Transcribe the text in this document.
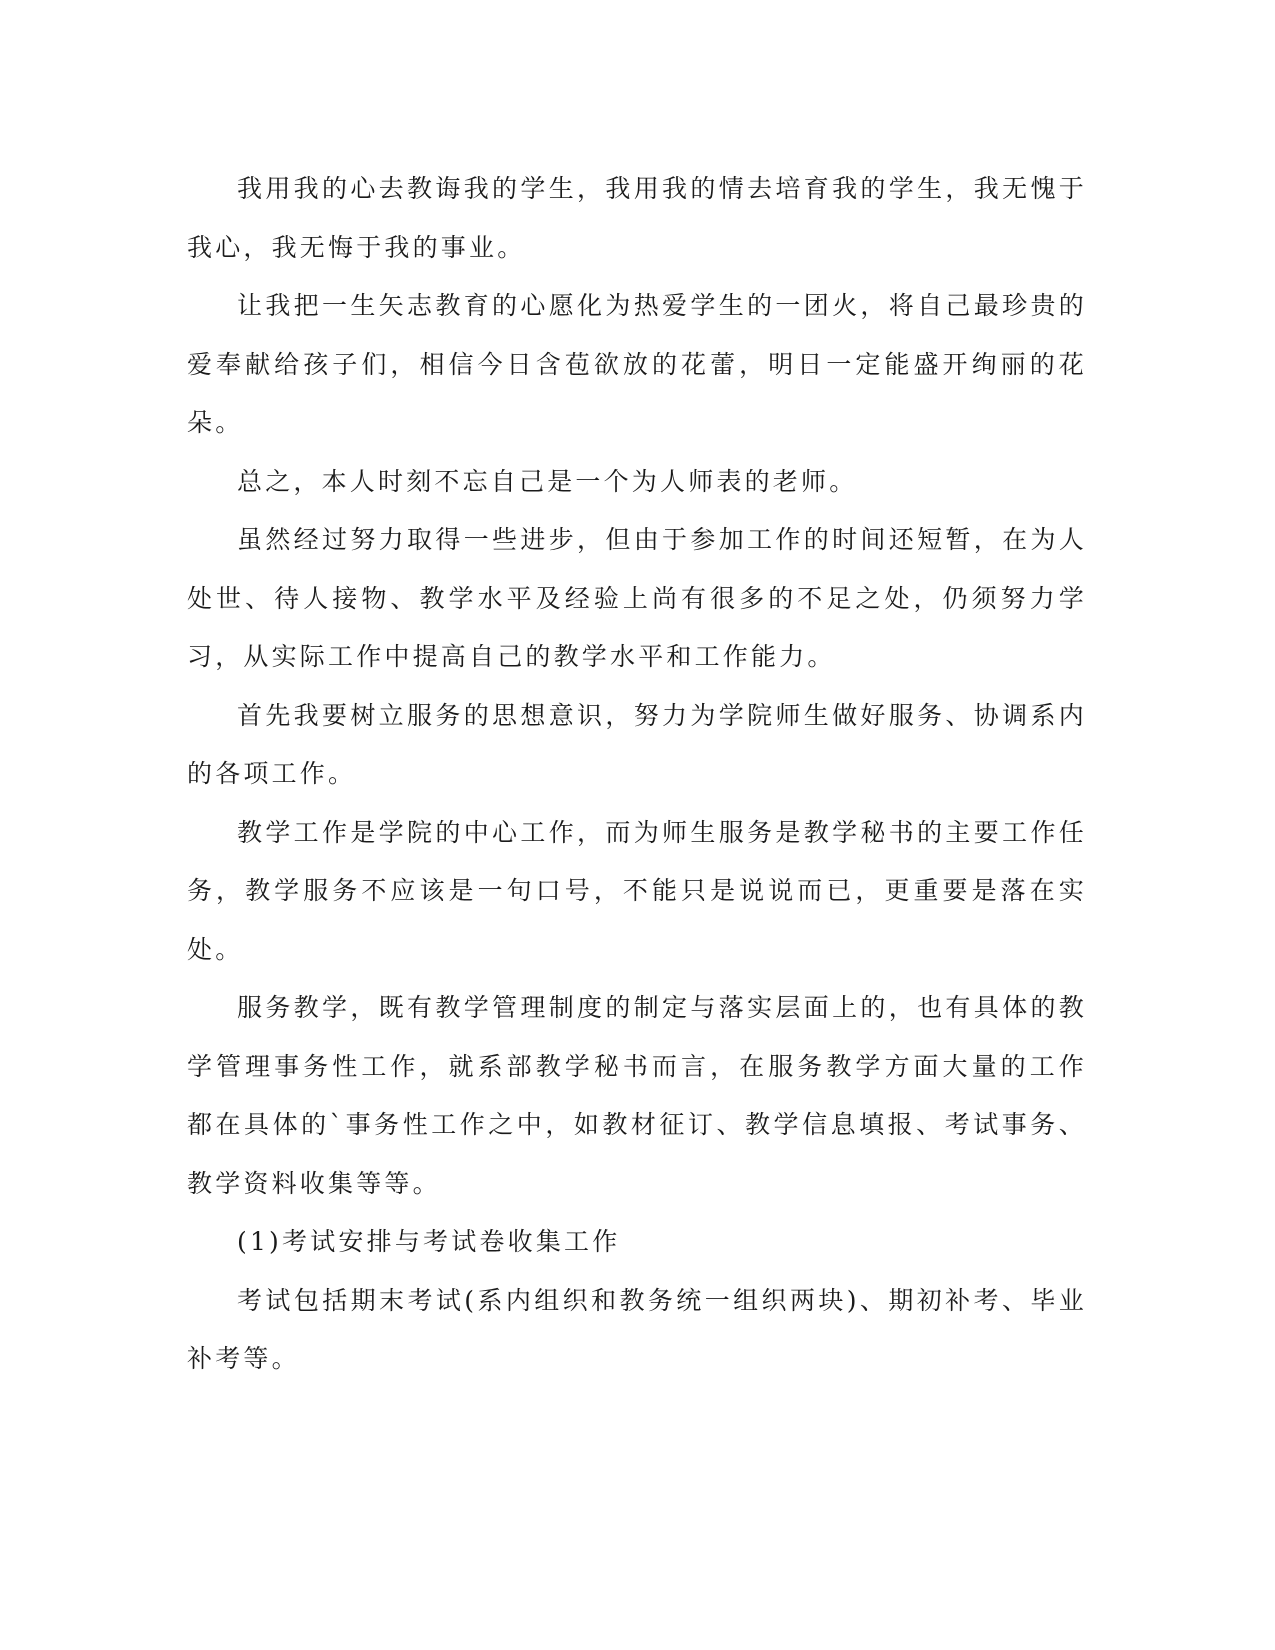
我用我的心去教诲我的学生，我用我的情去培育我的学生，我无愧于我心，我无悔于我的事业。

让我把一生矢志教育的心愿化为热爱学生的一团火，将自己最珍贵的爱奉献给孩子们，相信今日含苞欲放的花蕾，明日一定能盛开绚丽的花朵。

总之，本人时刻不忘自己是一个为人师表的老师。

虽然经过努力取得一些进步，但由于参加工作的时间还短暂，在为人处世、待人接物、教学水平及经验上尚有很多的不足之处，仍须努力学习，从实际工作中提高自己的教学水平和工作能力。

首先我要树立服务的思想意识，努力为学院师生做好服务、协调系内的各项工作。

教学工作是学院的中心工作，而为师生服务是教学秘书的主要工作任务，教学服务不应该是一句口号，不能只是说说而已，更重要是落在实处。

服务教学，既有教学管理制度的制定与落实层面上的，也有具体的教学管理事务性工作，就系部教学秘书而言，在服务教学方面大量的工作都在具体的`事务性工作之中，如教材征订、教学信息填报、考试事务、教学资料收集等等。

(1)考试安排与考试卷收集工作

考试包括期末考试(系内组织和教务统一组织两块)、期初补考、毕业补考等。
